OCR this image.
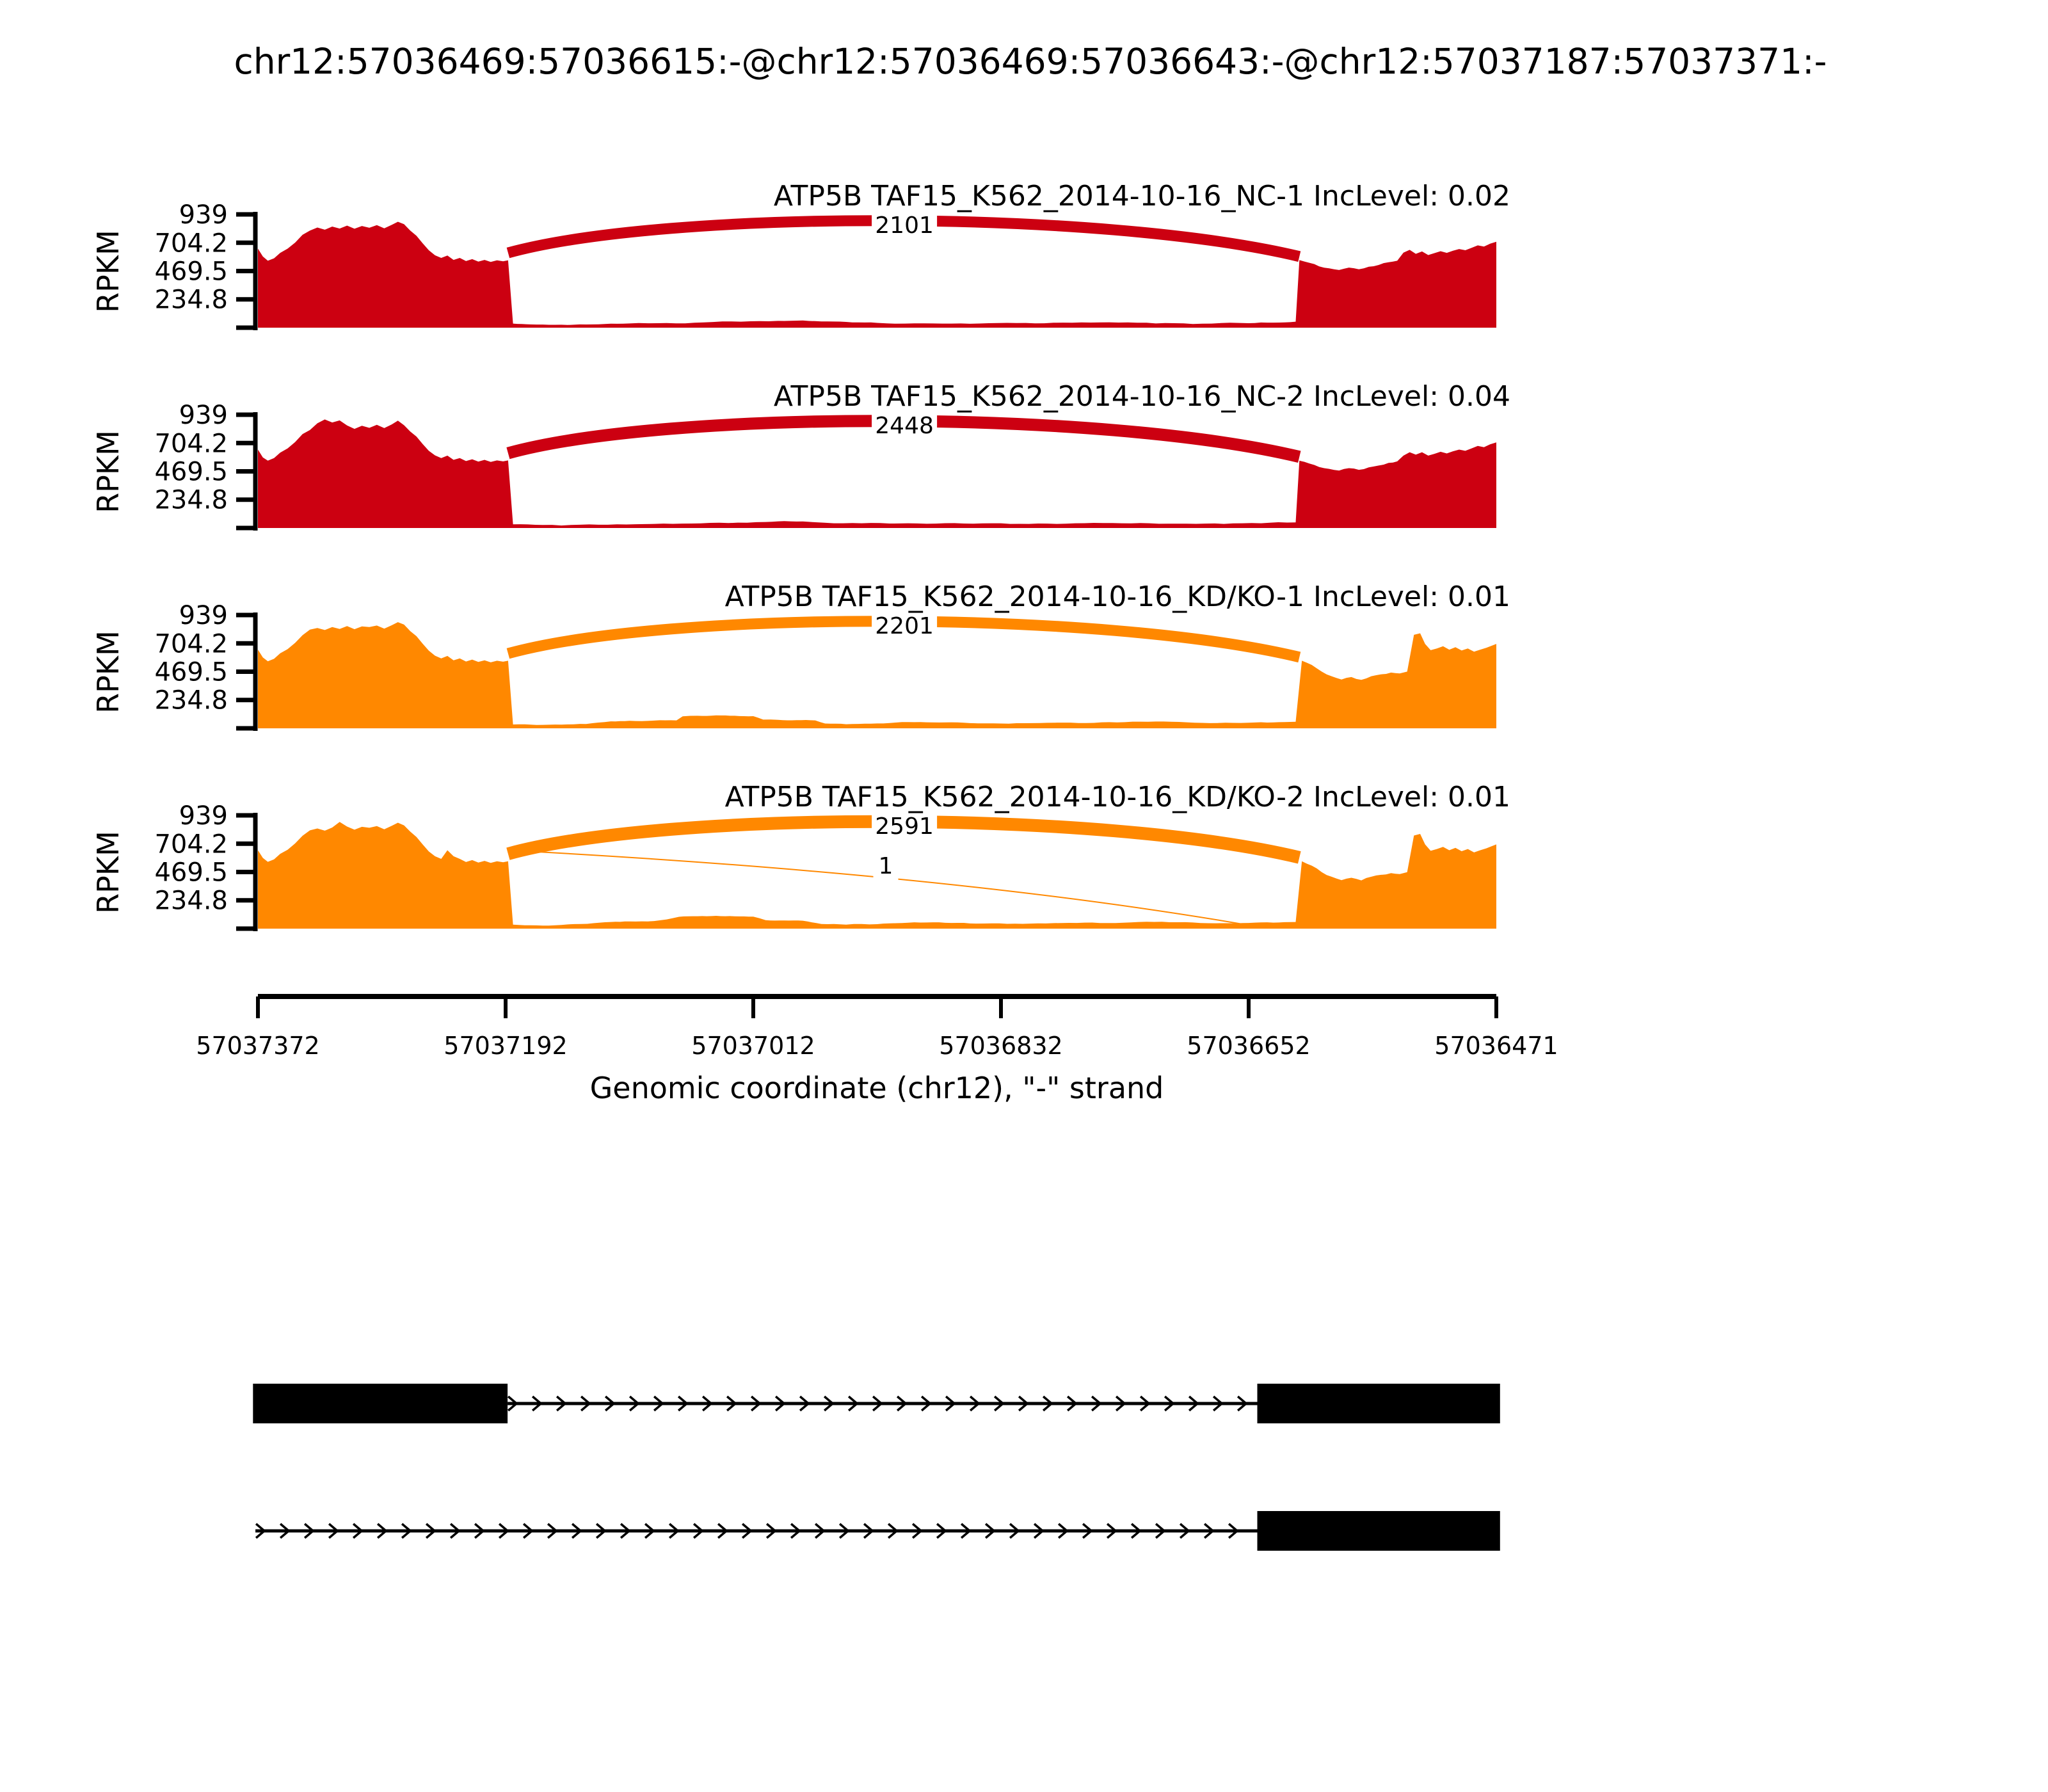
chr12:57036469:57036615:-@chr12:57036469:57036643:-@chr12:57037187:57037371:-
939
704.2
469.5
234.8
RPKM
2101
ATP5B TAF15_K562_2014-10-16_NC-1 IncLevel: 0.02
939
704.2
469.5
234.8
RPKM
2448
ATP5B TAF15_K562_2014-10-16_NC-2 IncLevel: 0.04
939
704.2
469.5
234.8
RPKM
2201
ATP5B TAF15_K562_2014-10-16_KD/KO-1 IncLevel: 0.01
939
704.2
469.5
234.8
RPKM
2591
1
ATP5B TAF15_K562_2014-10-16_KD/KO-2 IncLevel: 0.01
Genomic coordinate (chr12), "-" strand
57037372	57037192	57037012	57036832	57036652	57036471
